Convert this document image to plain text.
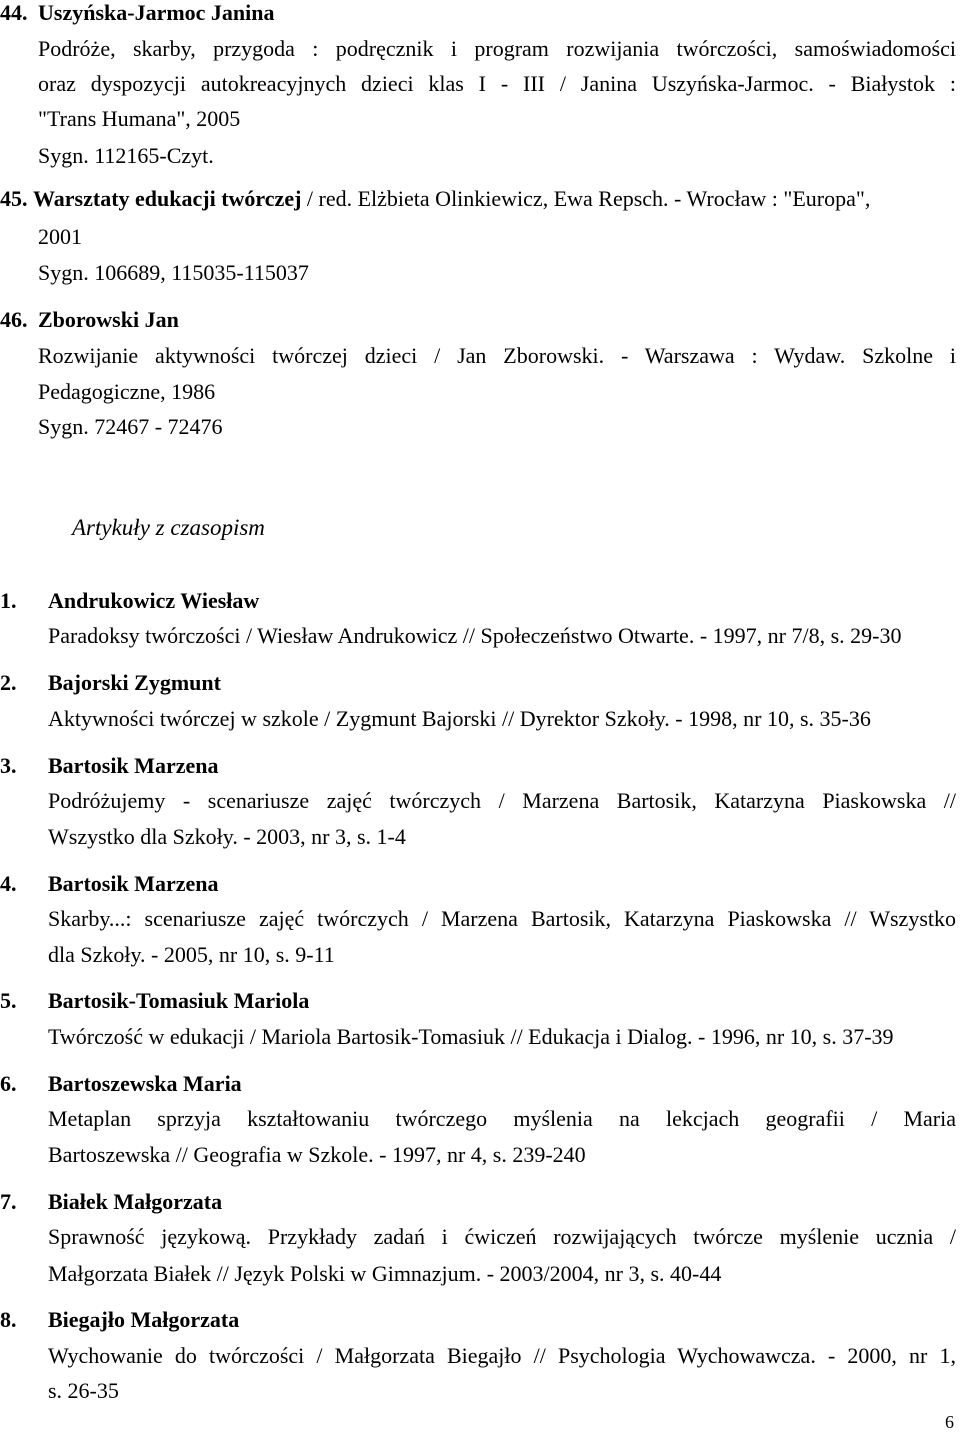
44. Uszyńska-Jarmoc Janina
Podróże, skarby, przygoda : podręcznik i program rozwijania twórczości, samoświadomości
oraz dyspozycji autokreacyjnych dzieci klas I - III / Janina Uszyńska-Jarmoc. - Białystok :
"Trans Humana", 2005
Sygn. 112165-Czyt.
45. Warsztaty edukacji twórczej / red. Elżbieta Olinkiewicz, Ewa Repsch. - Wrocław : "Europa",
2001
Sygn. 106689, 115035-115037
46. Zborowski Jan
Rozwijanie aktywności twórczej dzieci / Jan Zborowski. - Warszawa : Wydaw. Szkolne i
Pedagogiczne, 1986
Sygn. 72467 - 72476
Artykuły z czasopism
1. Andrukowicz Wiesław
Paradoksy twórczości / Wiesław Andrukowicz // Społeczeństwo Otwarte. - 1997, nr 7/8, s. 29-30
2. Bajorski Zygmunt
Aktywności twórczej w szkole / Zygmunt Bajorski // Dyrektor Szkoły. - 1998, nr 10, s. 35-36
3. Bartosik Marzena
Podróżujemy - scenariusze zajęć twórczych / Marzena Bartosik, Katarzyna Piaskowska //
Wszystko dla Szkoły. - 2003, nr 3, s. 1-4
4. Bartosik Marzena
Skarby...: scenariusze zajęć twórczych / Marzena Bartosik, Katarzyna Piaskowska // Wszystko
dla Szkoły. - 2005, nr 10, s. 9-11
5. Bartosik-Tomasiuk Mariola
Twórczość w edukacji / Mariola Bartosik-Tomasiuk // Edukacja i Dialog. - 1996, nr 10, s. 37-39
6. Bartoszewska Maria
Metaplan sprzyja kształtowaniu twórczego myślenia na lekcjach geografii / Maria
Bartoszewska // Geografia w Szkole. - 1997, nr 4, s. 239-240
7. Białek Małgorzata
Sprawność językową. Przykłady zadań i ćwiczeń rozwijających twórcze myślenie ucznia /
Małgorzata Białek // Język Polski w Gimnazjum. - 2003/2004, nr 3, s. 40-44
8. Biegajło Małgorzata
Wychowanie do twórczości / Małgorzata Biegajło // Psychologia Wychowawcza. - 2000, nr 1,
s. 26-35
6
